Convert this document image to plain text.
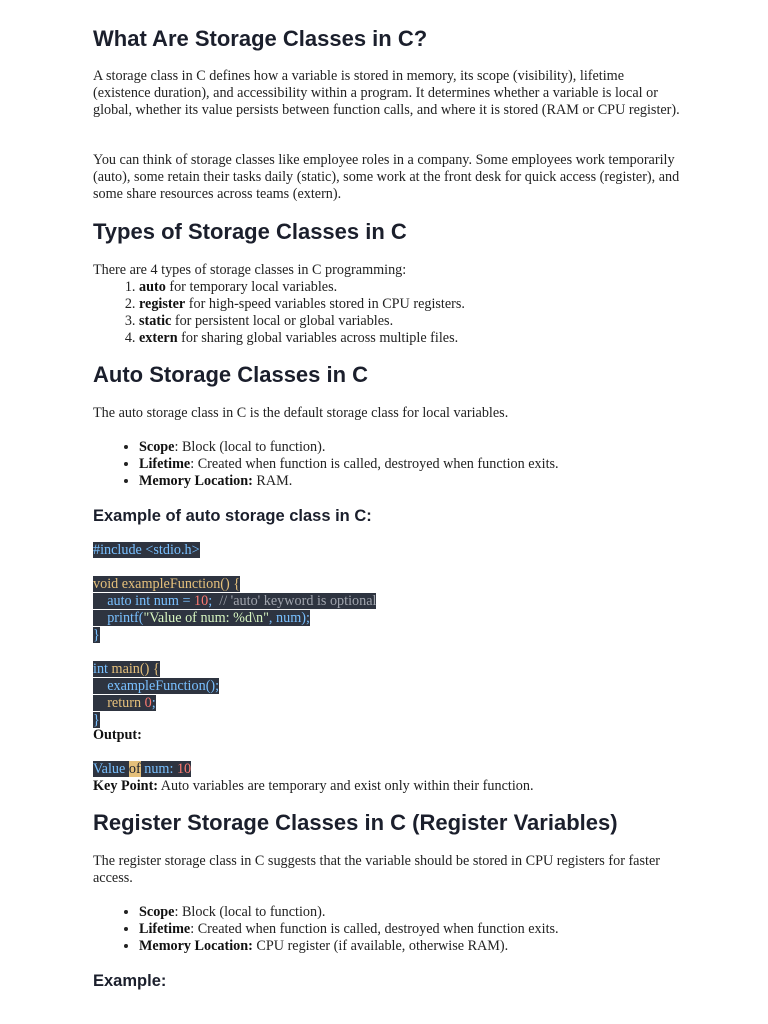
What Are Storage Classes in C?

A storage class in C defines how a variable is stored in memory, its scope (visibility), lifetime (existence duration), and accessibility within a program. It determines whether a variable is local or global, whether its value persists between function calls, and where it is stored (RAM or CPU register).

You can think of storage classes like employee roles in a company. Some employees work temporarily (auto), some retain their tasks daily (static), some work at the front desk for quick access (register), and some share resources across teams (extern).

Types of Storage Classes in C

There are 4 types of storage classes in C programming:

1. auto for temporary local variables.
2. register for high-speed variables stored in CPU registers.
3. static for persistent local or global variables.
4. extern for sharing global variables across multiple files.
Auto Storage Classes in C

The auto storage class in C is the default storage class for local variables.

• Scope: Block (local to function).
• Lifetime: Created when function is called, destroyed when function exits.
• Memory Location: RAM.
Example of auto storage class in C:
#include <stdio.h>

void exampleFunction() {
auto int num = 10;  // 'auto' keyword is optional
printf("Value of num: %d\n", num);
}

int main() {
exampleFunction();
return 0;
}

Output:

Value of num: 10

Key Point: Auto variables are temporary and exist only within their function.

Register Storage Classes in C (Register Variables)

The register storage class in C suggests that the variable should be stored in CPU registers for faster access.

• Scope: Block (local to function).
• Lifetime: Created when function is called, destroyed when function exits.
• Memory Location: CPU register (if available, otherwise RAM).
Example:
